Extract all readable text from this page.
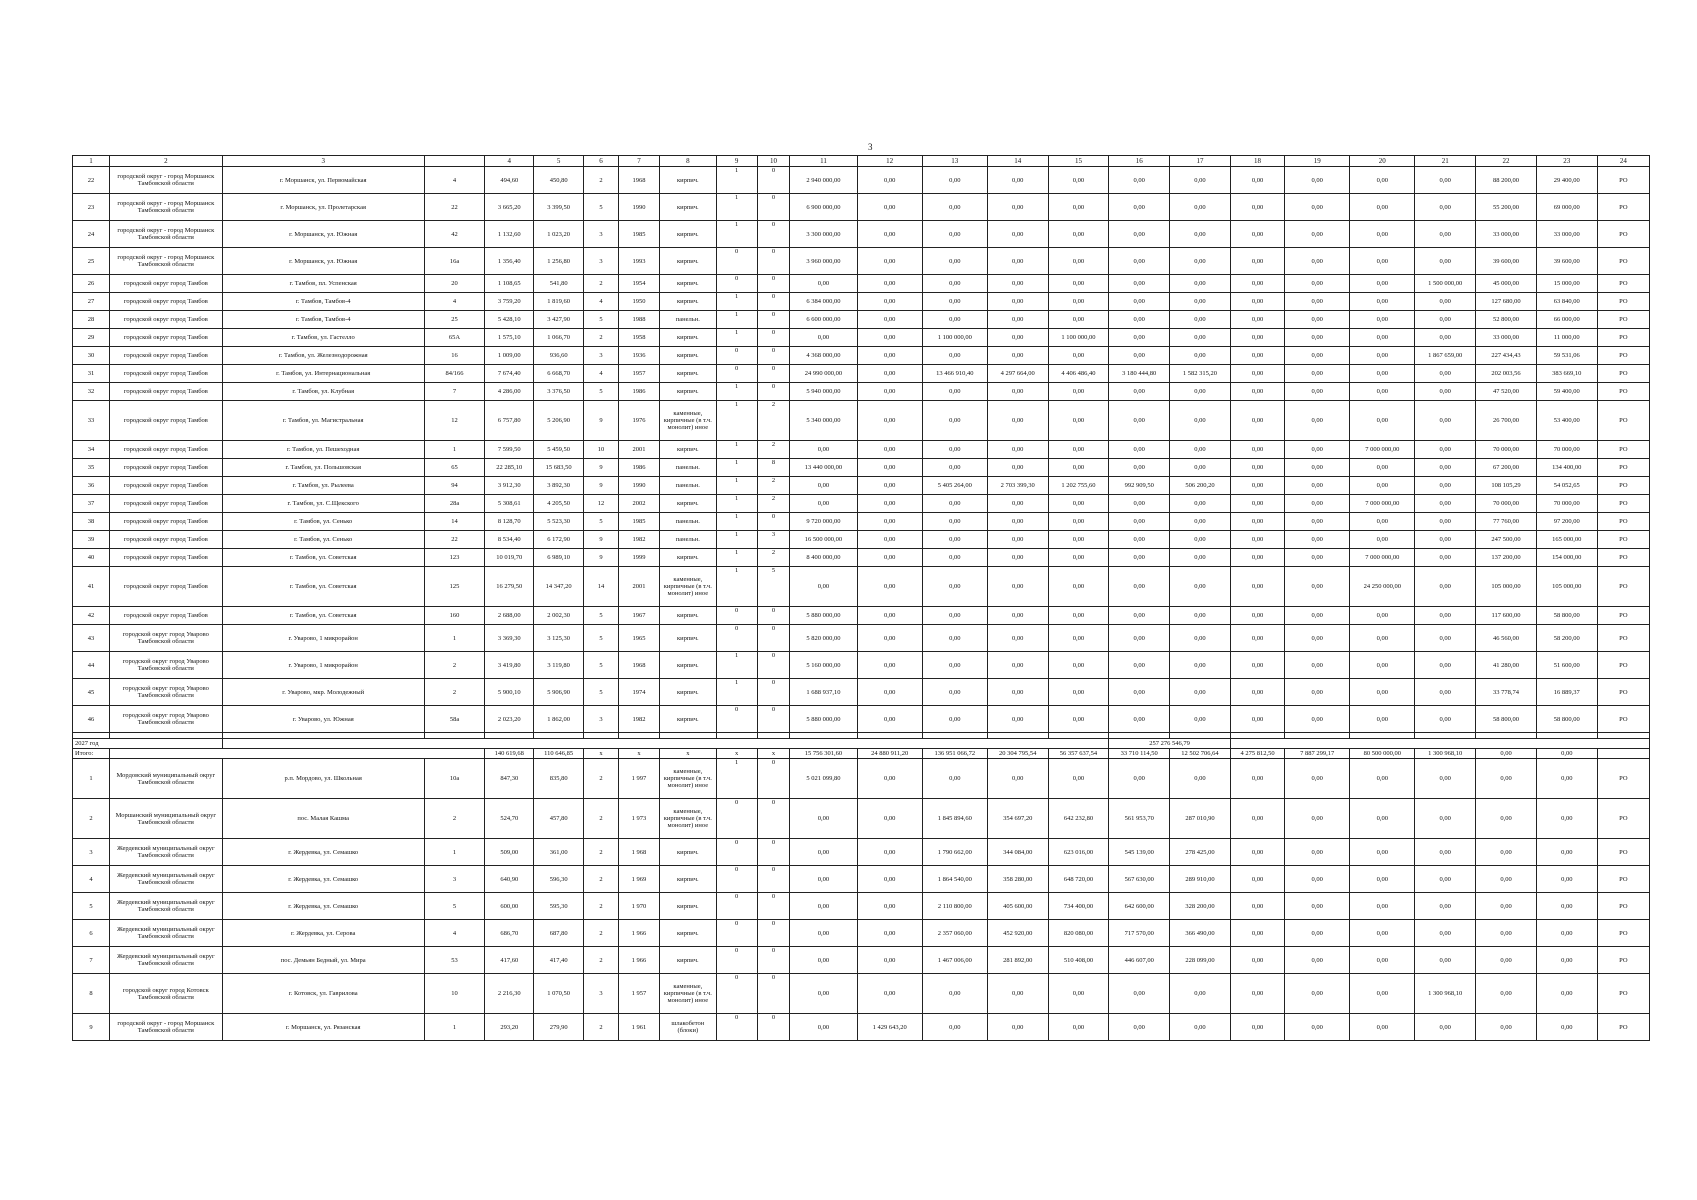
3
1	2	3		4	5	6	7	8	9	10	11	12	13	14	15	16	17	18	19	20	21	22	23	24
22	городской округ - город Моршанск Тамбовской области	г. Моршанск, ул. Первомайская	4	494,60	450,80	2	1968	кирпич.	1	0	2 940 000,00	0,00	0,00	0,00	0,00	0,00	0,00	0,00	0,00	0,00	0,00	88 200,00	29 400,00	РО
23	городской округ - город Моршанск Тамбовской области	г. Моршанск, ул. Пролетарская	22	3 665,20	3 399,50	5	1990	кирпич.	1	0	6 900 000,00	0,00	0,00	0,00	0,00	0,00	0,00	0,00	0,00	0,00	0,00	55 200,00	69 000,00	РО
24	городской округ - город Моршанск Тамбовской области	г. Моршанск, ул. Южная	42	1 132,60	1 023,20	3	1985	кирпич.	1	0	3 300 000,00	0,00	0,00	0,00	0,00	0,00	0,00	0,00	0,00	0,00	0,00	33 000,00	33 000,00	РО
25	городской округ - город Моршанск Тамбовской области	г. Моршанск, ул. Южная	16а	1 356,40	1 256,80	3	1993	кирпич.	0	0	3 960 000,00	0,00	0,00	0,00	0,00	0,00	0,00	0,00	0,00	0,00	0,00	39 600,00	39 600,00	РО
26	городской округ город Тамбов	г. Тамбов, пл. Успенская	20	1 108,65	541,80	2	1954	кирпич.	0	0	0,00	0,00	0,00	0,00	0,00	0,00	0,00	0,00	0,00	0,00	1 500 000,00	45 000,00	15 000,00	РО
27	городской округ город Тамбов	г. Тамбов, Тамбов-4	4	3 759,20	1 819,60	4	1950	кирпич.	1	0	6 384 000,00	0,00	0,00	0,00	0,00	0,00	0,00	0,00	0,00	0,00	0,00	127 680,00	63 840,00	РО
28	городской округ город Тамбов	г. Тамбов, Тамбов-4	25	5 428,10	3 427,90	5	1988	панельн.	1	0	6 600 000,00	0,00	0,00	0,00	0,00	0,00	0,00	0,00	0,00	0,00	0,00	52 800,00	66 000,00	РО
29	городской округ город Тамбов	г. Тамбов, ул. Гастелло	65А	1 575,10	1 066,70	2	1958	кирпич.	1	0	0,00	0,00	1 100 000,00	0,00	1 100 000,00	0,00	0,00	0,00	0,00	0,00	0,00	33 000,00	11 000,00	РО
30	городской округ город Тамбов	г. Тамбов, ул. Железнодорожная	16	1 009,00	936,60	3	1936	кирпич.	0	0	4 368 000,00	0,00	0,00	0,00	0,00	0,00	0,00	0,00	0,00	0,00	1 867 659,00	227 434,43	59 531,06	РО
31	городской округ город Тамбов	г. Тамбов, ул. Интернациональная	84/166	7 674,40	6 668,70	4	1957	кирпич.	0	0	24 990 000,00	0,00	13 466 910,40	4 297 664,00	4 406 486,40	3 180 444,80	1 582 315,20	0,00	0,00	0,00	0,00	202 003,56	383 669,10	РО
32	городской округ город Тамбов	г. Тамбов, ул. Клубная	7	4 286,00	3 376,50	5	1986	кирпич.	1	0	5 940 000,00	0,00	0,00	0,00	0,00	0,00	0,00	0,00	0,00	0,00	0,00	47 520,00	59 400,00	РО
33	городской округ город Тамбов	г. Тамбов, ул. Магистральная	12	6 757,80	5 206,90	9	1976	каменные, кирпичные (в т.ч. монолит) иное	1	2	5 340 000,00	0,00	0,00	0,00	0,00	0,00	0,00	0,00	0,00	0,00	0,00	26 700,00	53 400,00	РО
34	городской округ город Тамбов	г. Тамбов, ул. Пешеходная	1	7 599,50	5 459,50	10	2001	кирпич.	1	2	0,00	0,00	0,00	0,00	0,00	0,00	0,00	0,00	0,00	7 000 000,00	0,00	70 000,00	70 000,00	РО
35	городской округ город Тамбов	г. Тамбов, ул. Польшовская	65	22 285,10	15 683,50	9	1986	панельн.	1	8	13 440 000,00	0,00	0,00	0,00	0,00	0,00	0,00	0,00	0,00	0,00	0,00	67 200,00	134 400,00	РО
36	городской округ город Тамбов	г. Тамбов, ул. Рылеева	94	3 912,30	3 892,30	9	1990	панельн.	1	2	0,00	0,00	5 405 264,00	2 703 399,30	1 202 755,60	992 909,50	506 200,20	0,00	0,00	0,00	0,00	108 105,29	54 052,65	РО
37	городской округ город Тамбов	г. Тамбов, ул. С.Щекского	28а	5 308,61	4 205,50	12	2002	кирпич.	1	2	0,00	0,00	0,00	0,00	0,00	0,00	0,00	0,00	0,00	7 000 000,00	0,00	70 000,00	70 000,00	РО
38	городской округ город Тамбов	г. Тамбов, ул. Сенько	14	8 128,70	5 523,30	5	1985	панельн.	1	0	9 720 000,00	0,00	0,00	0,00	0,00	0,00	0,00	0,00	0,00	0,00	0,00	77 760,00	97 200,00	РО
39	городской округ город Тамбов	г. Тамбов, ул. Сенько	22	8 534,40	6 172,90	9	1982	панельн.	1	3	16 500 000,00	0,00	0,00	0,00	0,00	0,00	0,00	0,00	0,00	0,00	0,00	247 500,00	165 000,00	РО
40	городской округ город Тамбов	г. Тамбов, ул. Советская	123	10 019,70	6 989,10	9	1999	кирпич.	1	2	8 400 000,00	0,00	0,00	0,00	0,00	0,00	0,00	0,00	0,00	7 000 000,00	0,00	137 200,00	154 000,00	РО
41	городской округ город Тамбов	г. Тамбов, ул. Советская	125	16 279,50	14 347,20	14	2001	каменные, кирпичные (в т.ч. монолит) иное	1	5	0,00	0,00	0,00	0,00	0,00	0,00	0,00	0,00	0,00	24 250 000,00	0,00	105 000,00	105 000,00	РО
42	городской округ город Тамбов	г. Тамбов, ул. Советская	160	2 688,00	2 002,30	5	1967	кирпич.	0	0	5 880 000,00	0,00	0,00	0,00	0,00	0,00	0,00	0,00	0,00	0,00	0,00	117 600,00	58 800,00	РО
43	городской округ город Уварово Тамбовской области	г. Уварово, 1 микрорайон	1	3 369,30	3 125,30	5	1965	кирпич.	0	0	5 820 000,00	0,00	0,00	0,00	0,00	0,00	0,00	0,00	0,00	0,00	0,00	46 560,00	58 200,00	РО
44	городской округ город Уварово Тамбовской области	г. Уварово, 1 микрорайон	2	3 419,80	3 119,80	5	1968	кирпич.	1	0	5 160 000,00	0,00	0,00	0,00	0,00	0,00	0,00	0,00	0,00	0,00	0,00	41 280,00	51 600,00	РО
45	городской округ город Уварово Тамбовской области	г. Уварово, мкр. Молодежный	2	5 900,10	5 906,90	5	1974	кирпич.	1	0	1 688 937,10	0,00	0,00	0,00	0,00	0,00	0,00	0,00	0,00	0,00	0,00	33 778,74	16 889,37	РО
46	городской округ город Уварово Тамбовской области	г. Уварово, ул. Южная	58а	2 023,20	1 862,00	3	1982	кирпич.	0	0	5 880 000,00	0,00	0,00	0,00	0,00	0,00	0,00	0,00	0,00	0,00	0,00	58 800,00	58 800,00	РО

2027 год																257 276 546,79								
Итого:				140 619,68	110 646,85	x	x	x	x	x	15 756 301,60	24 880 911,20	136 951 066,72	20 304 795,54	56 357 637,54	33 710 114,50	12 502 706,64	4 275 812,50	7 887 299,17	80 500 000,00	1 300 968,10	0,00	0,00	
1	Мордовский муниципальный округ Тамбовской области	р.п. Мордово, ул. Школьная	10а	847,30	835,80	2	1 997	каменные, кирпичные (в т.ч. монолит) иное	1	0	5 021 099,80	0,00	0,00	0,00	0,00	0,00	0,00	0,00	0,00	0,00	0,00	0,00	0,00	РО
2	Моршанский муниципальный округ Тамбовской области	пос. Малая Кашма	2	524,70	457,80	2	1 973	каменные, кирпичные (в т.ч. монолит) иное	0	0	0,00	0,00	1 845 894,60	354 697,20	642 232,80	561 953,70	287 010,90	0,00	0,00	0,00	0,00	0,00	0,00	РО
3	Жердевский муниципальный округ Тамбовской области	г. Жердевка, ул. Семашко	1	509,00	361,00	2	1 968	кирпич.	0	0	0,00	0,00	1 790 662,00	344 084,00	623 016,00	545 139,00	278 425,00	0,00	0,00	0,00	0,00	0,00	0,00	РО
4	Жердевский муниципальный округ Тамбовской области	г. Жердевка, ул. Семашко	3	640,90	596,30	2	1 969	кирпич.	0	0	0,00	0,00	1 864 540,00	358 280,00	648 720,00	567 630,00	289 910,00	0,00	0,00	0,00	0,00	0,00	0,00	РО
5	Жердевский муниципальный округ Тамбовской области	г. Жердевка, ул. Семашко	5	600,00	595,30	2	1 970	кирпич.	0	0	0,00	0,00	2 110 800,00	405 600,00	734 400,00	642 600,00	328 200,00	0,00	0,00	0,00	0,00	0,00	0,00	РО
6	Жердевский муниципальный округ Тамбовской области	г. Жердевка, ул. Серова	4	686,70	687,80	2	1 966	кирпич.	0	0	0,00	0,00	2 357 060,00	452 920,00	820 080,00	717 570,00	366 490,00	0,00	0,00	0,00	0,00	0,00	0,00	РО
7	Жердевский муниципальный округ Тамбовской области	пос. Демьян Бедный, ул. Мира	53	417,60	417,40	2	1 966	кирпич.	0	0	0,00	0,00	1 467 006,00	281 892,00	510 408,00	446 607,00	228 099,00	0,00	0,00	0,00	0,00	0,00	0,00	РО
8	городской округ город Котовск Тамбовской области	г. Котовск, ул. Гаврилова	10	2 216,30	1 070,50	3	1 957	каменные, кирпичные (в т.ч. монолит) иное	0	0	0,00	0,00	0,00	0,00	0,00	0,00	0,00	0,00	0,00	0,00	1 300 968,10	0,00	0,00	РО
9	городской округ - город Моршанск Тамбовской области	г. Моршанск, ул. Рязанская	1	293,20	279,90	2	1 961	шлакобетон (блоки)	0	0	0,00	1 429 643,20	0,00	0,00	0,00	0,00	0,00	0,00	0,00	0,00	0,00	0,00	0,00	РО
